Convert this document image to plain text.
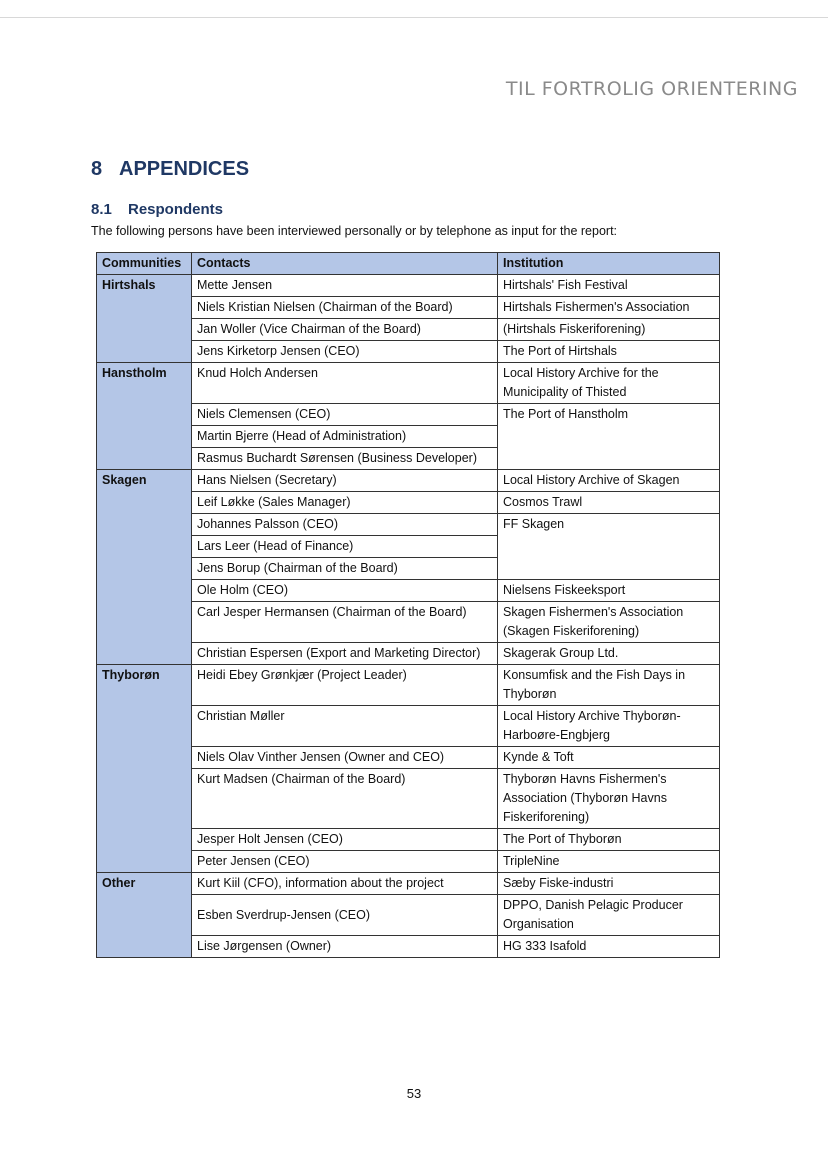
TIL FORTROLIG ORIENTERING
8 APPENDICES
8.1 Respondents
The following persons have been interviewed personally or by telephone as input for the report:
Communities	Contacts	Institution
Hirtshals	Mette Jensen	Hirtshals' Fish Festival
	Niels Kristian Nielsen (Chairman of the Board)	Hirtshals Fishermen's Association
	Jan Woller (Vice Chairman of the Board)	(Hirtshals Fiskeriforening)
	Jens Kirketorp Jensen (CEO)	The Port of Hirtshals
Hanstholm	Knud Holch Andersen	Local History Archive for the Municipality of Thisted
	Niels Clemensen (CEO)	The Port of Hanstholm
	Martin Bjerre (Head of Administration)	
	Rasmus Buchardt Sørensen (Business Developer)	
Skagen	Hans Nielsen (Secretary)	Local History Archive of Skagen
	Leif Løkke (Sales Manager)	Cosmos Trawl
	Johannes Palsson (CEO)	FF Skagen
	Lars Leer (Head of Finance)	
	Jens Borup (Chairman of the Board)	
	Ole Holm (CEO)	Nielsens Fiskeeksport
	Carl Jesper Hermansen (Chairman of the Board)	Skagen Fishermen's Association (Skagen Fiskeriforening)
	Christian Espersen (Export and Marketing Director)	Skagerak Group Ltd.
Thyborøn	Heidi Ebey Grønkjær (Project Leader)	Konsumfisk and the Fish Days in Thyborøn
	Christian Møller	Local History Archive Thyborøn-Harboøre-Engbjerg
	Niels Olav Vinther Jensen (Owner and CEO)	Kynde & Toft
	Kurt Madsen (Chairman of the Board)	Thyborøn Havns Fishermen's Association (Thyborøn Havns Fiskeriforening)
	Jesper Holt Jensen (CEO)	The Port of Thyborøn
	Peter Jensen (CEO)	TripleNine
Other	Kurt Kiil (CFO), information about the project	Sæby Fiske-industri
	Esben Sverdrup-Jensen (CEO)	DPPO, Danish Pelagic Producer Organisation
	Lise Jørgensen (Owner)	HG 333 Isafold
53
